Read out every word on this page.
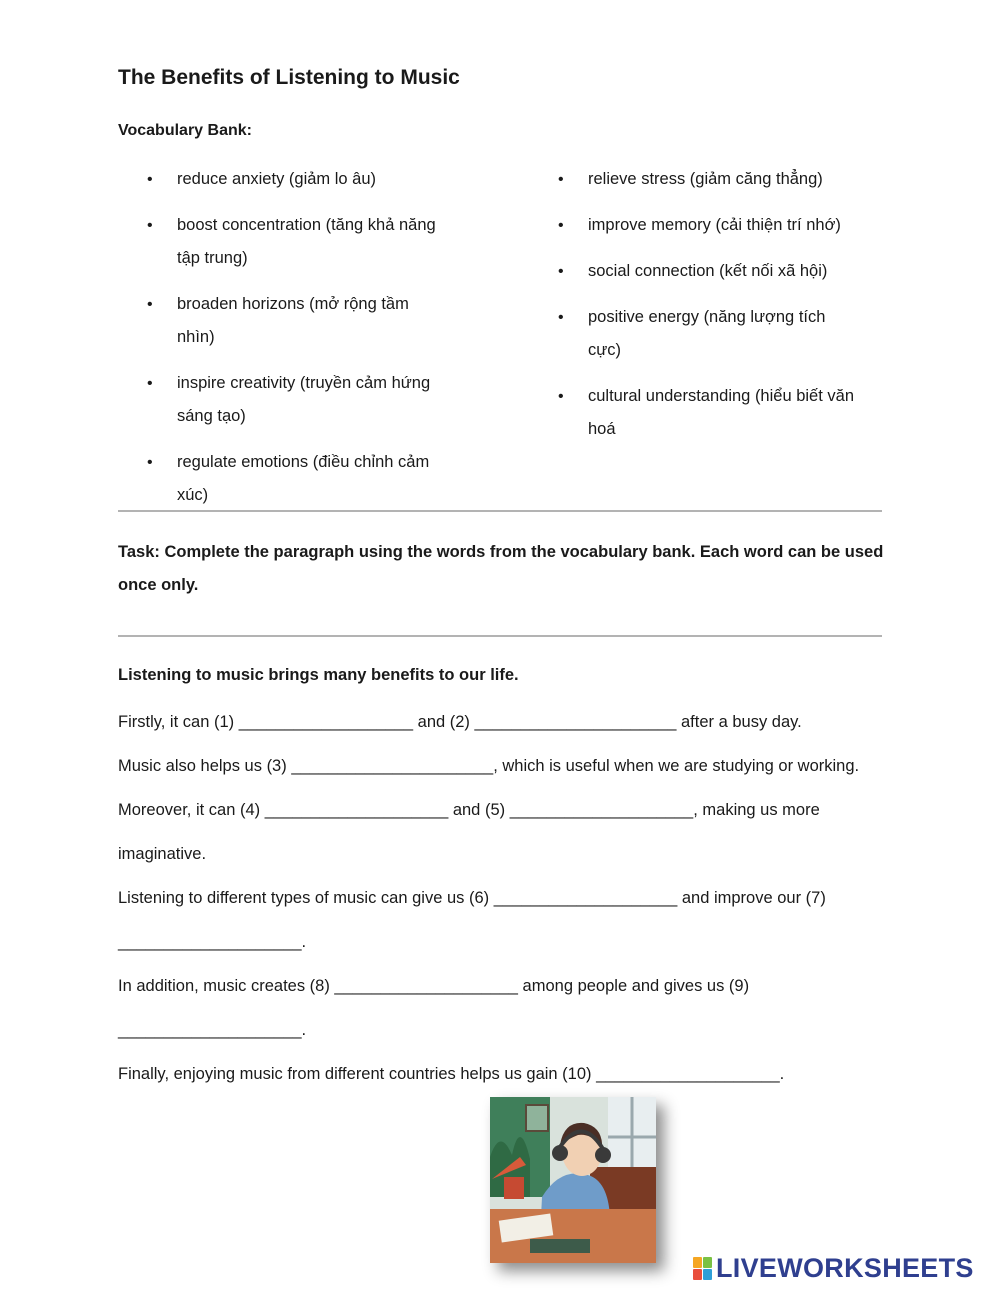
The Benefits of Listening to Music
Vocabulary Bank:
• reduce anxiety (giảm lo âu)
• boost concentration (tăng khả năng tập trung)
• broaden horizons (mở rộng tầm nhìn)
• inspire creativity (truyền cảm hứng sáng tạo)
• regulate emotions (điều chỉnh cảm xúc)
• relieve stress (giảm căng thẳng)
• improve memory (cải thiện trí nhớ)
• social connection (kết nối xã hội)
• positive energy (năng lượng tích cực)
• cultural understanding (hiểu biết văn hoá
Task: Complete the paragraph using the words from the vocabulary bank. Each word can be used once only.
Listening to music brings many benefits to our life.
Firstly, it can (1) ___________________ and (2) ______________________ after a busy day.
Music also helps us (3) ______________________, which is useful when we are studying or working.
Moreover, it can (4) ____________________ and (5) ____________________, making us more
imaginative.
Listening to different types of music can give us (6) ____________________ and improve our (7)
____________________.
In addition, music creates (8) ____________________ among people and gives us (9)
____________________.
Finally, enjoying music from different countries helps us gain (10) ____________________.
LIVEWORKSHEETS
